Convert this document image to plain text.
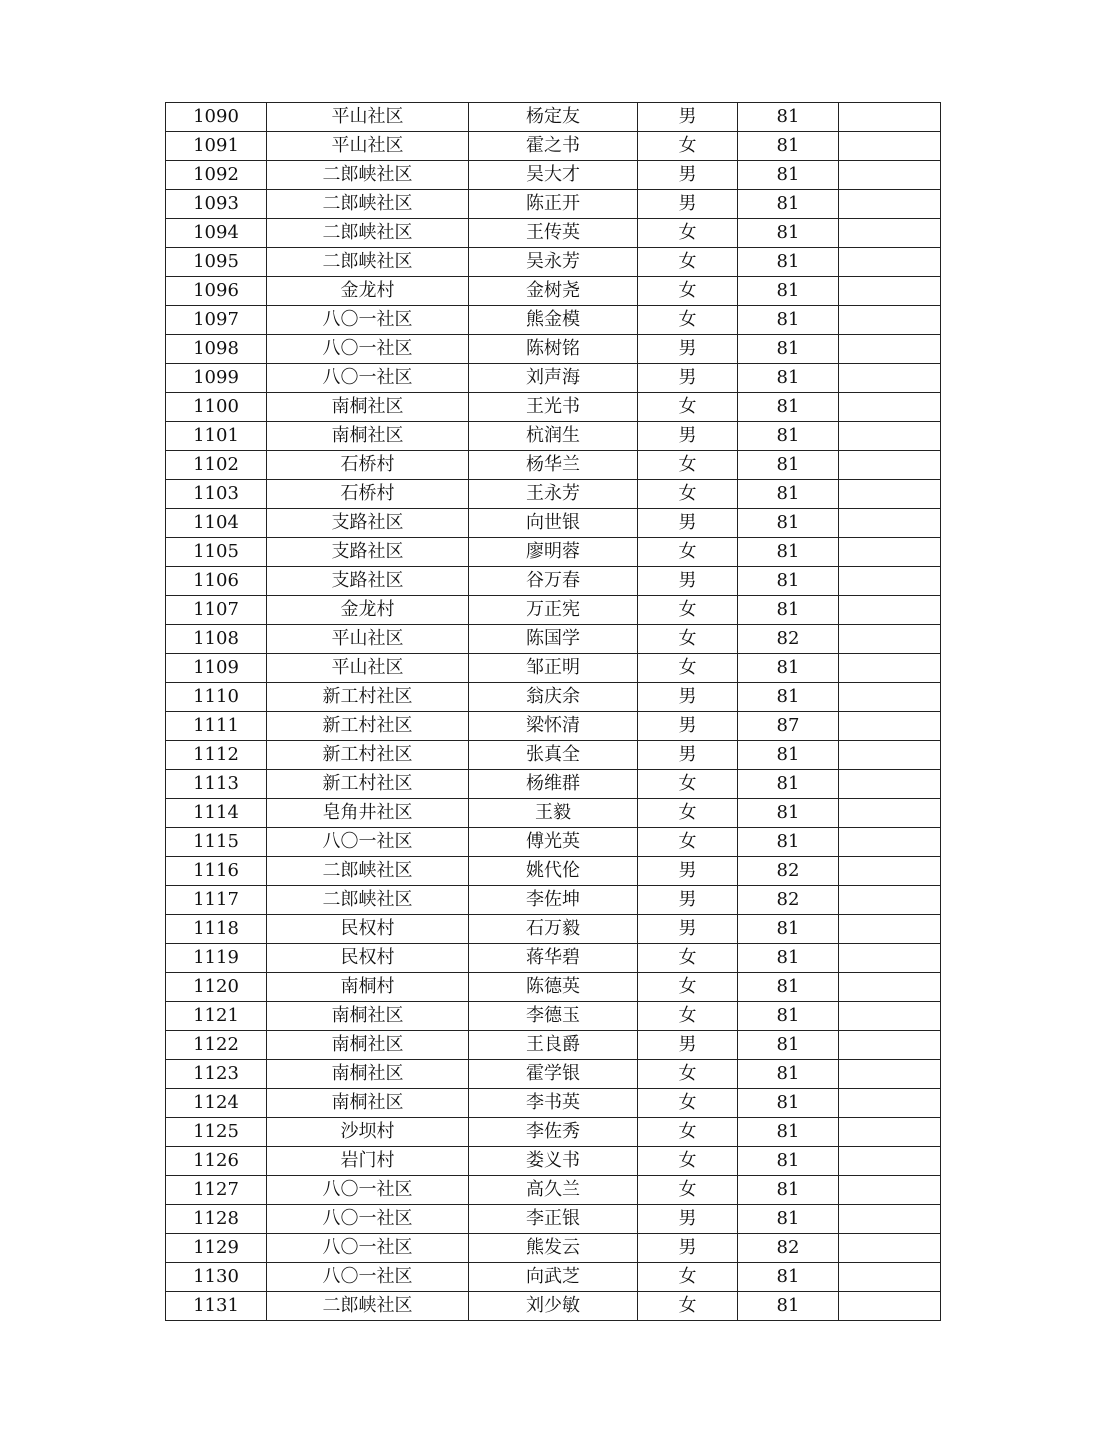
1090	平山社区	杨定友	男	81	
1091	平山社区	霍之书	女	81	
1092	二郎峡社区	吴大才	男	81	
1093	二郎峡社区	陈正开	男	81	
1094	二郎峡社区	王传英	女	81	
1095	二郎峡社区	吴永芳	女	81	
1096	金龙村	金树尧	女	81	
1097	八〇一社区	熊金模	女	81	
1098	八〇一社区	陈树铭	男	81	
1099	八〇一社区	刘声海	男	81	
1100	南桐社区	王光书	女	81	
1101	南桐社区	杭润生	男	81	
1102	石桥村	杨华兰	女	81	
1103	石桥村	王永芳	女	81	
1104	支路社区	向世银	男	81	
1105	支路社区	廖明蓉	女	81	
1106	支路社区	谷万春	男	81	
1107	金龙村	万正宪	女	81	
1108	平山社区	陈国学	女	82	
1109	平山社区	邹正明	女	81	
1110	新工村社区	翁庆余	男	81	
1111	新工村社区	梁怀清	男	87	
1112	新工村社区	张真全	男	81	
1113	新工村社区	杨维群	女	81	
1114	皂角井社区	王毅	女	81	
1115	八〇一社区	傅光英	女	81	
1116	二郎峡社区	姚代伦	男	82	
1117	二郎峡社区	李佐坤	男	82	
1118	民权村	石万毅	男	81	
1119	民权村	蒋华碧	女	81	
1120	南桐村	陈德英	女	81	
1121	南桐社区	李德玉	女	81	
1122	南桐社区	王良爵	男	81	
1123	南桐社区	霍学银	女	81	
1124	南桐社区	李书英	女	81	
1125	沙坝村	李佐秀	女	81	
1126	岩门村	娄义书	女	81	
1127	八〇一社区	高久兰	女	81	
1128	八〇一社区	李正银	男	81	
1129	八〇一社区	熊发云	男	82	
1130	八〇一社区	向武芝	女	81	
1131	二郎峡社区	刘少敏	女	81	
